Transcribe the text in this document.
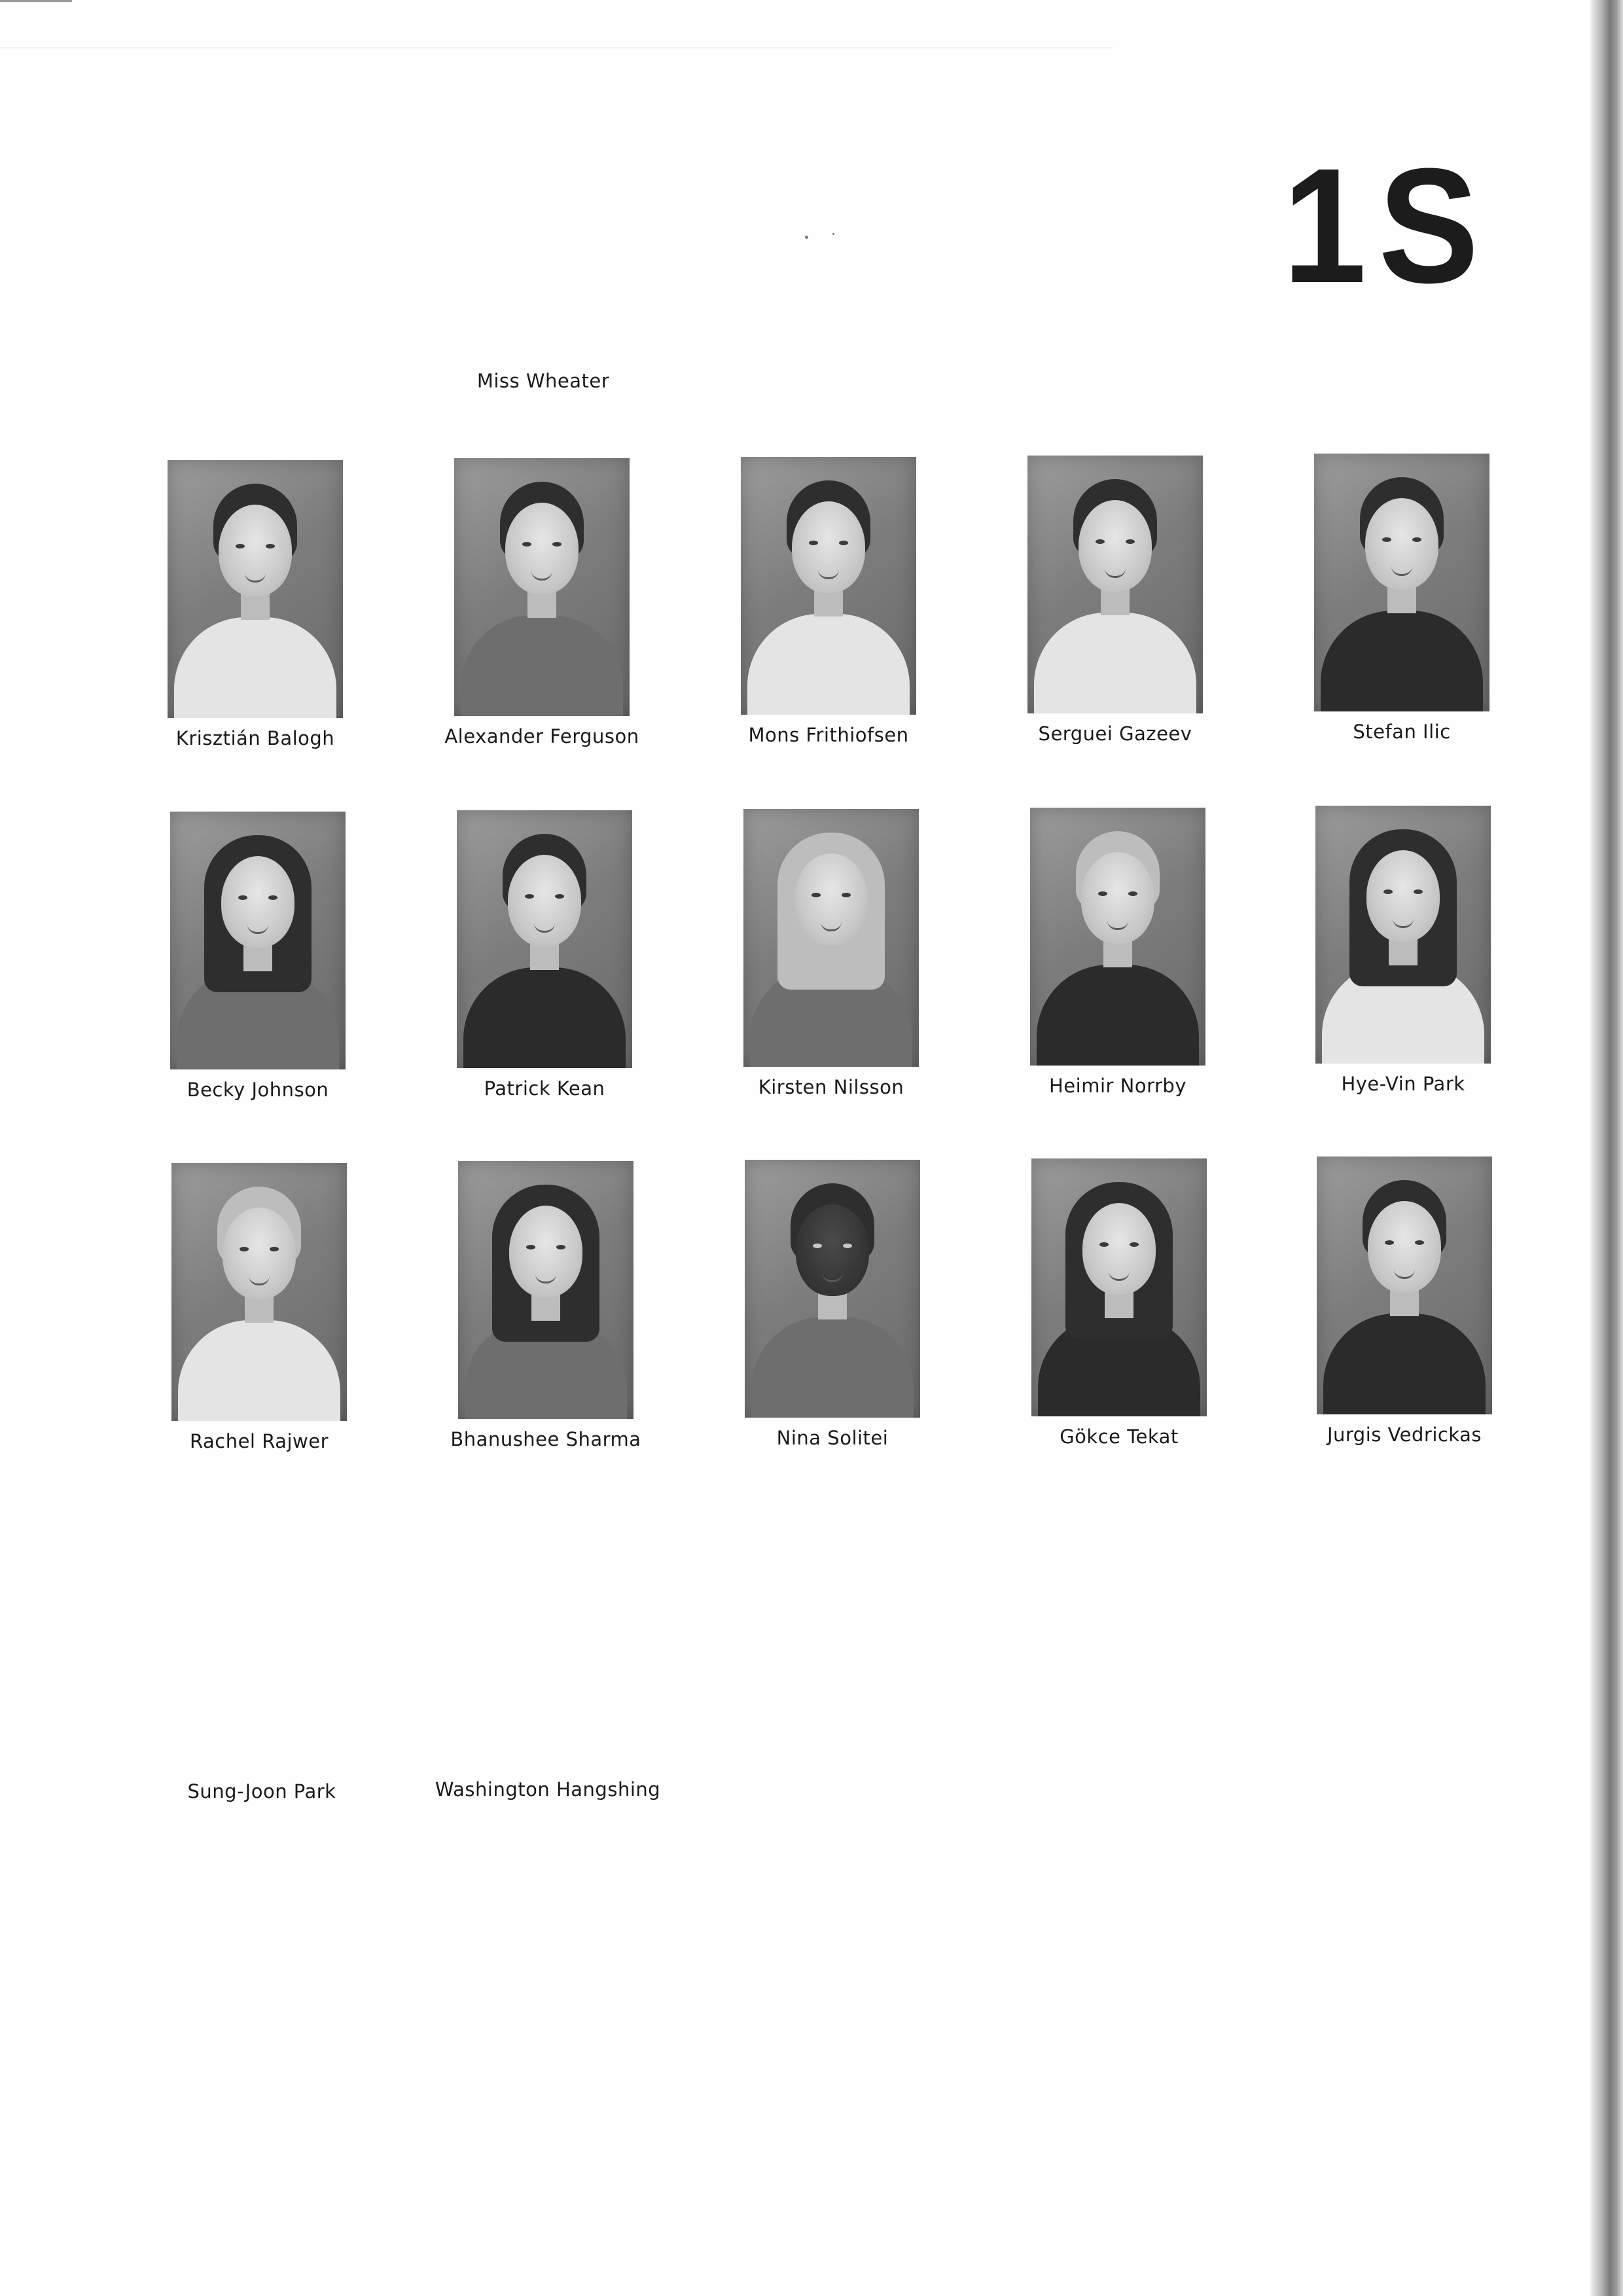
1S
Miss Wheater
Krisztián Balogh	Alexander Ferguson	Mons Frithiofsen	Serguei Gazeev	Stefan Ilic
Becky Johnson	Patrick Kean	Kirsten Nilsson	Heimir Norrby	Hye-Vin Park
Rachel Rajwer	Bhanushee Sharma	Nina Solitei	Gökce Tekat	Jurgis Vedrickas
Sung-Joon Park	Washington Hangshing
